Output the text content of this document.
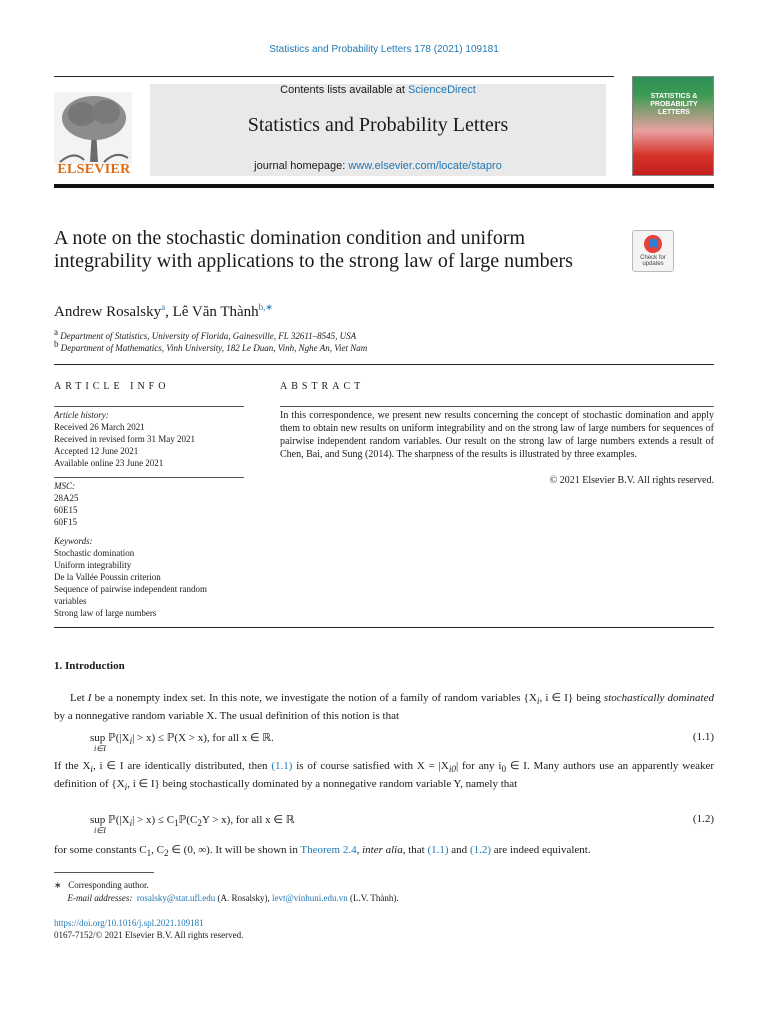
Statistics and Probability Letters 178 (2021) 109181
ELSEVIER
Contents lists available at ScienceDirect
Statistics and Probability Letters
journal homepage: www.elsevier.com/locate/stapro
STATISTICS & PROBABILITY LETTERS
A note on the stochastic domination condition and uniform integrability with applications to the strong law of large numbers	Check for updates
Andrew Rosalsky$^a$, Lê Văn Thành$^{b,∗}$
$^a$ Department of Statistics, University of Florida, Gainesville, FL 32611–8545, USA
$^b$ Department of Mathematics, Vinh University, 182 Le Duan, Vinh, Nghe An, Viet Nam
ARTICLE INFO	ABSTRACT
Article history:
Received 26 March 2021
Received in revised form 31 May 2021
Accepted 12 June 2021
Available online 23 June 2021
MSC:
28A25
60E15
60F15
Keywords:
Stochastic domination
Uniform integrability
De la Vallée Poussin criterion
Sequence of pairwise independent random
variables
Strong law of large numbers
In this correspondence, we present new results concerning the concept of stochastic domination and apply them to obtain new results on uniform integrability and on the strong law of large numbers for sequences of pairwise independent random variables. Our result on the strong law of large numbers extends a result of Chen, Bai, and Sung (2014). The sharpness of the results is illustrated by three examples.
© 2021 Elsevier B.V. All rights reserved.
1. Introduction
Let I be a nonempty index set. In this note, we investigate the notion of a family of random variables {$X_i$, i ∈ I} being stochastically dominated by a nonnegative random variable X. The usual definition of this notion is that
sup $ℙ(|X_i| > x)$ ≤ ℙ(X > x), for all x ∈ ℝ.
i∈I
(1.1)
If the $X_i$, i ∈ I are identically distributed, then (1.1) is of course satisfied with $X = |X_{i0}|$ for any $i_0$ ∈ I. Many authors use an apparently weaker definition of {$X_i$, i ∈ I} being stochastically dominated by a nonnegative random variable Y, namely that
sup $ℙ(|X_i| > x)$ ≤ $C_1ℙ(C_2Y > x)$, for all x ∈ ℝ
i∈I
(1.2)
for some constants $C_1$, $C_2$ ∈ (0, ∞). It will be shown in Theorem 2.4, inter alia, that (1.1) and (1.2) are indeed equivalent.
∗ Corresponding author.
E-mail addresses: rosalsky@stat.ufl.edu (A. Rosalsky), levt@vinhuni.edu.vn (L.V. Thành).
https://doi.org/10.1016/j.spl.2021.109181
0167-7152/© 2021 Elsevier B.V. All rights reserved.
